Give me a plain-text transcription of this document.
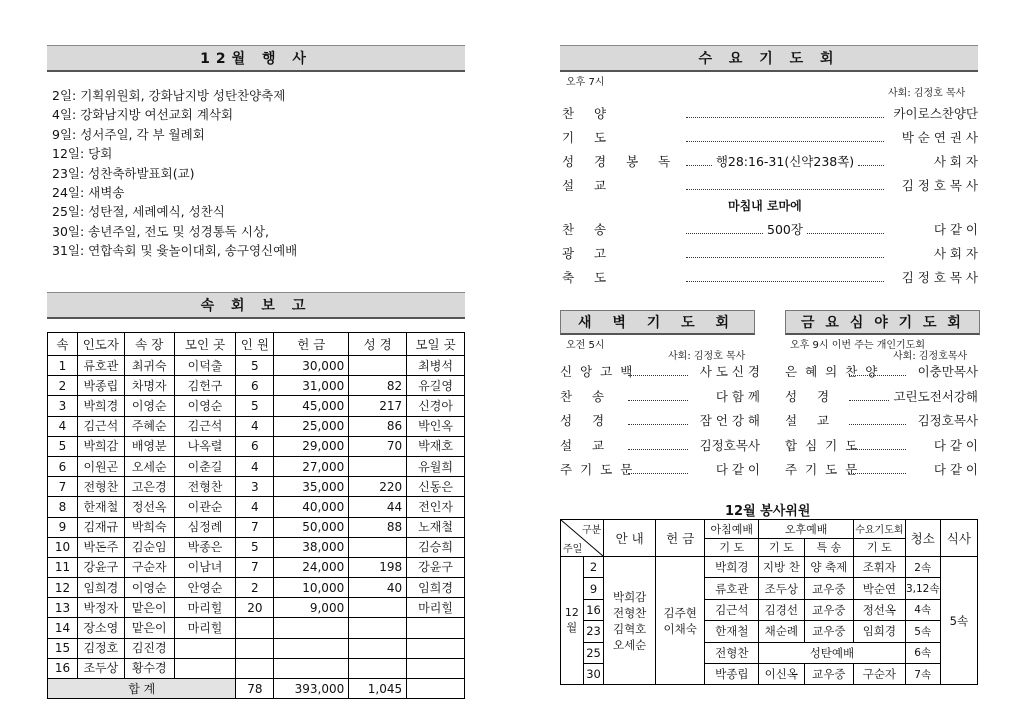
12월 행 사
2일: 기획위원회, 강화남지방 성탄찬양축제
4일: 강화남지방 여선교회 계삭회
9일: 성서주일, 각 부 월례회
12일: 당회
23일: 성찬축하발표회(교)
24일: 새벽송
25일: 성탄절, 세례예식, 성찬식
30일: 송년주일, 전도 및 성경통독 시상,
31일: 연합속회 및 윷놀이대회, 송구영신예배
속 회 보 고
속	인도자	속 장	모인 곳	인 원	헌 금	성 경	모일 곳
1	류호관	최귀숙	이덕출	5	30,000		최병석
2	박종립	차명자	김헌구	6	31,000	82	유길영
3	박희경	이영순	이영순	5	45,000	217	신경아
4	김근석	주혜순	김근석	4	25,000	86	박인옥
5	박희감	배영분	나옥렬	6	29,000	70	박재호
6	이원곤	오세순	이춘길	4	27,000		유월희
7	전형찬	고은경	전형찬	3	35,000	220	신동은
8	한재철	정선옥	이관순	4	40,000	44	전인자
9	김재규	박희숙	심정례	7	50,000	88	노재철
10	박돈주	김순임	박종은	5	38,000		김승희
11	강윤구	구순자	이남녀	7	24,000	198	강윤구
12	임희경	이영순	안영순	2	10,000	40	임희경
13	박정자	맡은이	마리힐	20	9,000		마리힐
14	장소영	맡은이	마리힐				
15	김정호	김진경					
16	조두상	황수경					
합 계				78	393,000	1,045	
수 요 기 도 회
오후 7시
사회: 김정호 목사
찬 양	카이로스찬양단
기 도	박 순 연 권 사
성 경 봉 독	행28:16-31(신약238쪽)	사 회 자
설 교	김 정 호 목 사
마침내 로마에
찬 송	500장	다 같 이
광 고	사 회 자
축 도	김 정 호 목 사
새 벽 기 도 회
오전 5시
사회: 김정호 목사
신앙고백	사 도 신 경
찬 송	다 함 께
성 경	잠 언 강 해
설 교	김정호목사
주기도문	다 같 이
금 요 심 야 기 도 회
오후 9시 이번 주는 개인기도회
사회: 김정호목사
은혜의찬양	이충만목사
성 경	고린도전서강해
설 교	김정호목사
합심기도	다 같 이
주기도문	다 같 이
12월 봉사위원
구분
주일		안 내	헌 금	아침예배	오후예배		수요기도회	청소	식사
				기 도	기 도	특 송	기 도		
12월	2	박희감 전형찬 김혁호 오세순	김주현 이채숙	박희경	지방 찬	양 축제	조휘자	2속	5속
	9			류호관	조두상	교우중	박순연	3,12속	
	16			김근석	김경선	교우중	정선옥	4속	
	23			한재철	채순례	교우중	임희경	5속	
	25			전형찬	성탄예배			6속	
	30			박종립	이신옥	교우중	구순자	7속	
